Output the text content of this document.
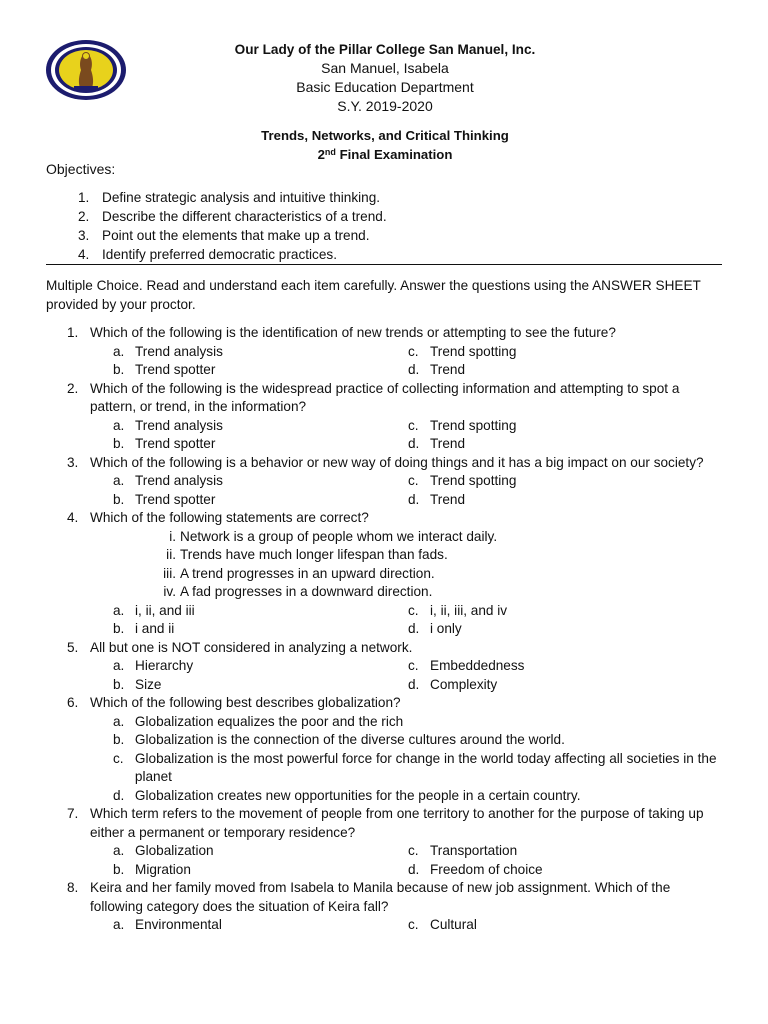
Our Lady of the Pillar College San Manuel, Inc.
San Manuel, Isabela
Basic Education Department
S.Y. 2019-2020
Trends, Networks, and Critical Thinking
2nd Final Examination
Objectives:
1. Define strategic analysis and intuitive thinking.
2. Describe the different characteristics of a trend.
3. Point out the elements that make up a trend.
4. Identify preferred democratic practices.
Multiple Choice. Read and understand each item carefully. Answer the questions using the ANSWER SHEET provided by your proctor.
1. Which of the following is the identification of new trends or attempting to see the future?
a. Trend analysis	c. Trend spotting
b. Trend spotter	d. Trend
2. Which of the following is the widespread practice of collecting information and attempting to spot a pattern, or trend, in the information?
a. Trend analysis	c. Trend spotting
b. Trend spotter	d. Trend
3. Which of the following is a behavior or new way of doing things and it has a big impact on our society?
a. Trend analysis	c. Trend spotting
b. Trend spotter	d. Trend
4. Which of the following statements are correct?
i. Network is a group of people whom we interact daily.
ii. Trends have much longer lifespan than fads.
iii. A trend progresses in an upward direction.
iv. A fad progresses in a downward direction.
a. i, ii, and iii	c. i, ii, iii, and iv
b. i and ii	d. i only
5. All but one is NOT considered in analyzing a network.
a. Hierarchy	c. Embeddedness
b. Size	d. Complexity
6. Which of the following best describes globalization?
a. Globalization equalizes the poor and the rich
b. Globalization is the connection of the diverse cultures around the world.
c. Globalization is the most powerful force for change in the world today affecting all societies in the planet
d. Globalization creates new opportunities for the people in a certain country.
7. Which term refers to the movement of people from one territory to another for the purpose of taking up either a permanent or temporary residence?
a. Globalization	c. Transportation
b. Migration	d. Freedom of choice
8. Keira and her family moved from Isabela to Manila because of new job assignment. Which of the following category does the situation of Keira fall?
a. Environmental	c. Cultural
